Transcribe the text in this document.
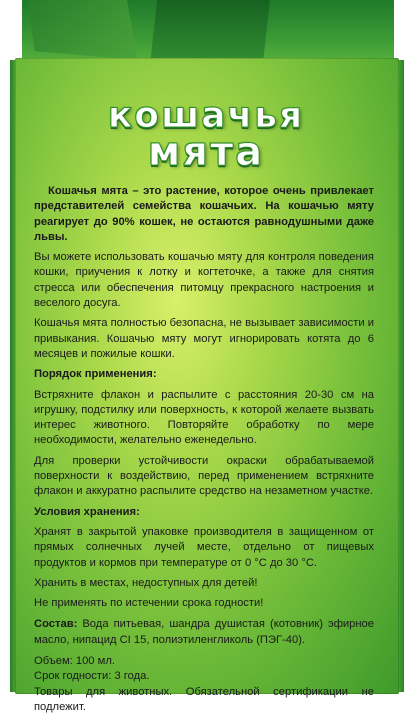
кошачья
мята

Кошачья мята – это растение, которое очень привлекает представителей семейства кошачьих. На кошачью мяту реагирует до 90% кошек, не остаются равнодушными даже львы.

Вы можете использовать кошачью мяту для контроля поведения кошки, приучения к лотку и когтеточке, а также для снятия стресса или обеспечения питомцу прекрасного настроения и веселого досуга.

Кошачья мята полностью безопасна, не вызывает зависимости и привыкания. Кошачью мяту могут игнорировать котята до 6 месяцев и пожилые кошки.

Порядок применения:

Встряхните флакон и распылите с расстояния 20-30 см на игрушку, подстилку или поверхность, к которой желаете вызвать интерес животного. Повторяйте обработку по мере необходимости, желательно еженедельно.

Для проверки устойчивости окраски обрабатываемой поверхности к воздействию, перед применением встряхните флакон и аккуратно распылите средство на незаметном участке.

Условия хранения:

Хранят в закрытой упаковке производителя в защищенном от прямых солнечных лучей месте, отдельно от пищевых продуктов и кормов при температуре от 0 °С до 30 °С.

Хранить в местах, недоступных для детей!

Не применять по истечении срока годности!

Состав: Вода питьевая, шандра душистая (котовник) эфирное масло, нипацид CI 15, полиэтиленгликоль (ПЭГ-40).

Объем: 100 мл.

Срок годности: 3 года.

Товары для животных. Обязательной сертификации не подлежит.
